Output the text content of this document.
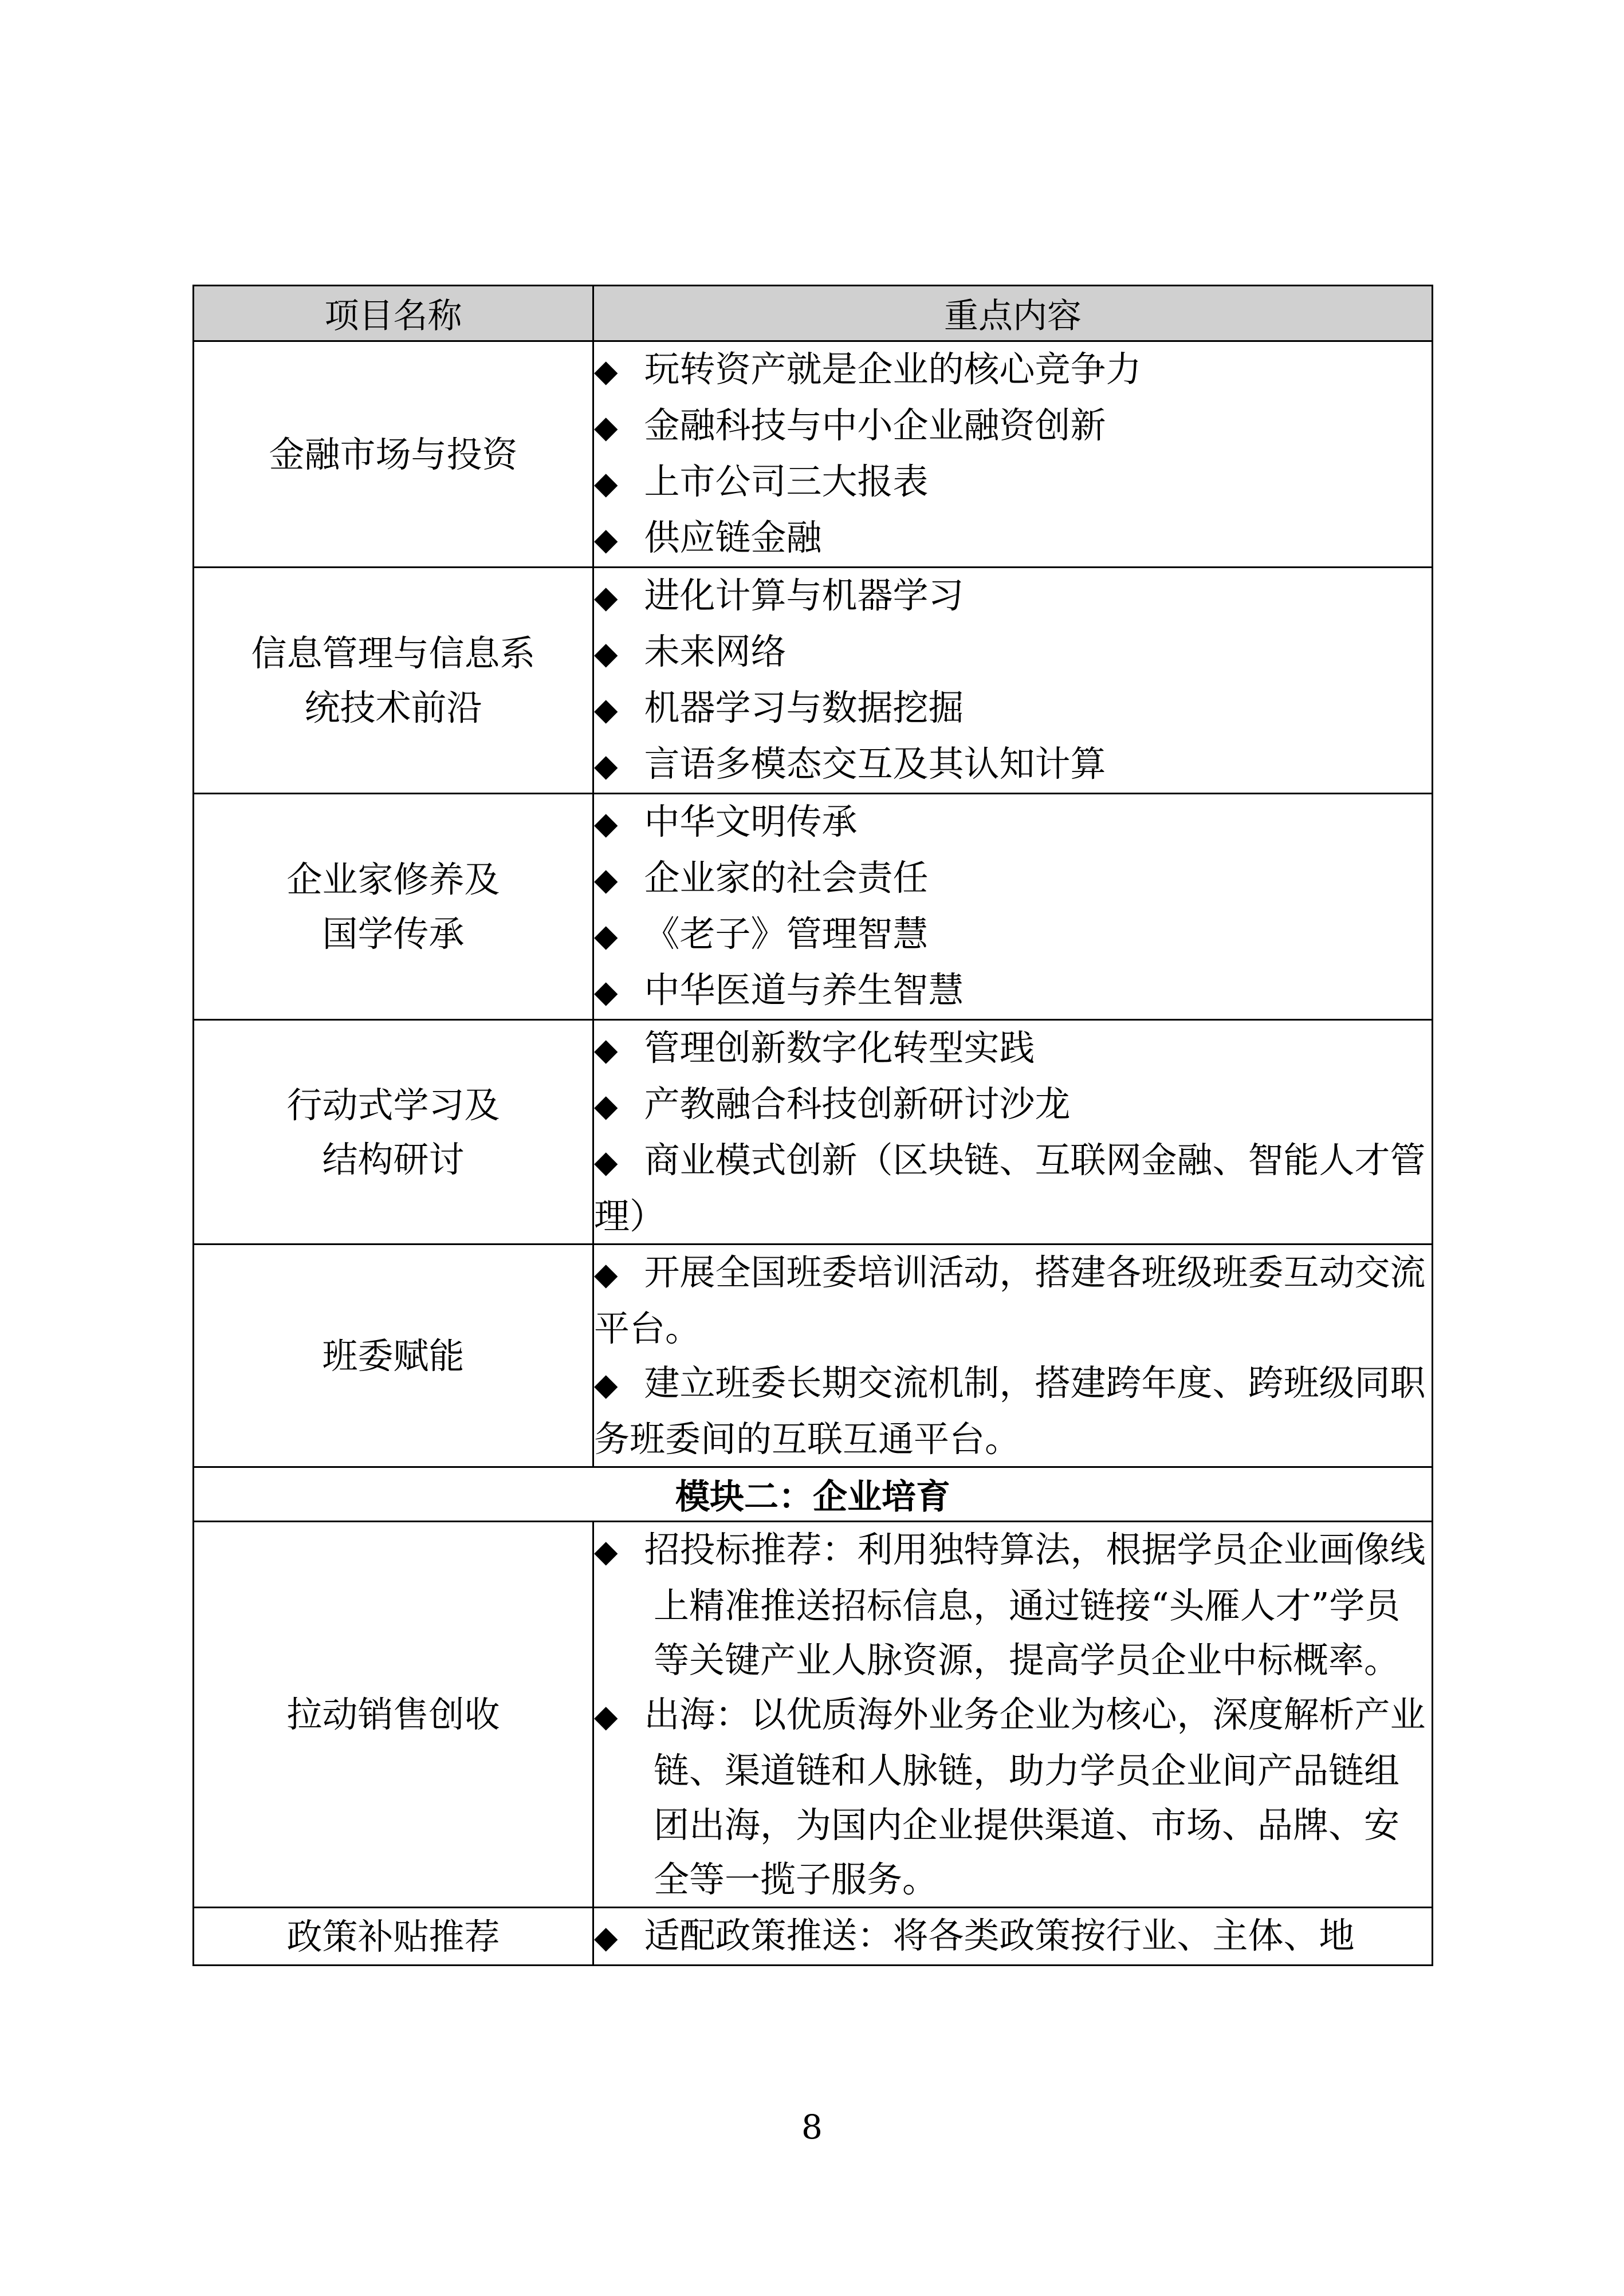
项目名称	重点内容
金融市场与投资	◆ 玩转资产就是企业的核心竞争力
◆ 金融科技与中小企业融资创新
◆ 上市公司三大报表
◆ 供应链金融

信息管理与信息系统技术前沿	◆ 进化计算与机器学习
◆ 未来网络
◆ 机器学习与数据挖掘
◆ 言语多模态交互及其认知计算

企业家修养及国学传承	◆ 中华文明传承
◆ 企业家的社会责任
◆ 《老子》管理智慧
◆ 中华医道与养生智慧

行动式学习及结构研讨	◆ 管理创新数字化转型实践
◆ 产教融合科技创新研讨沙龙
◆ 商业模式创新（区块链、互联网金融、智能人才管理）

班委赋能	◆ 开展全国班委培训活动，搭建各班级班委互动交流平台。
◆ 建立班委长期交流机制，搭建跨年度、跨班级同职务班委间的互联互通平台。

模块二：企业培育	
拉动销售创收	◆ 招投标推荐：利用独特算法，根据学员企业画像线上精准推送招标信息，通过链接“头雁人才”学员等关键产业人脉资源，提高学员企业中标概率。
◆ 出海：以优质海外业务企业为核心，深度解析产业链、渠道链和人脉链，助力学员企业间产品链组团出海，为国内企业提供渠道、市场、品牌、安全等一揽子服务。

政策补贴推荐	◆ 适配政策推送：将各类政策按行业、主体、地
8
